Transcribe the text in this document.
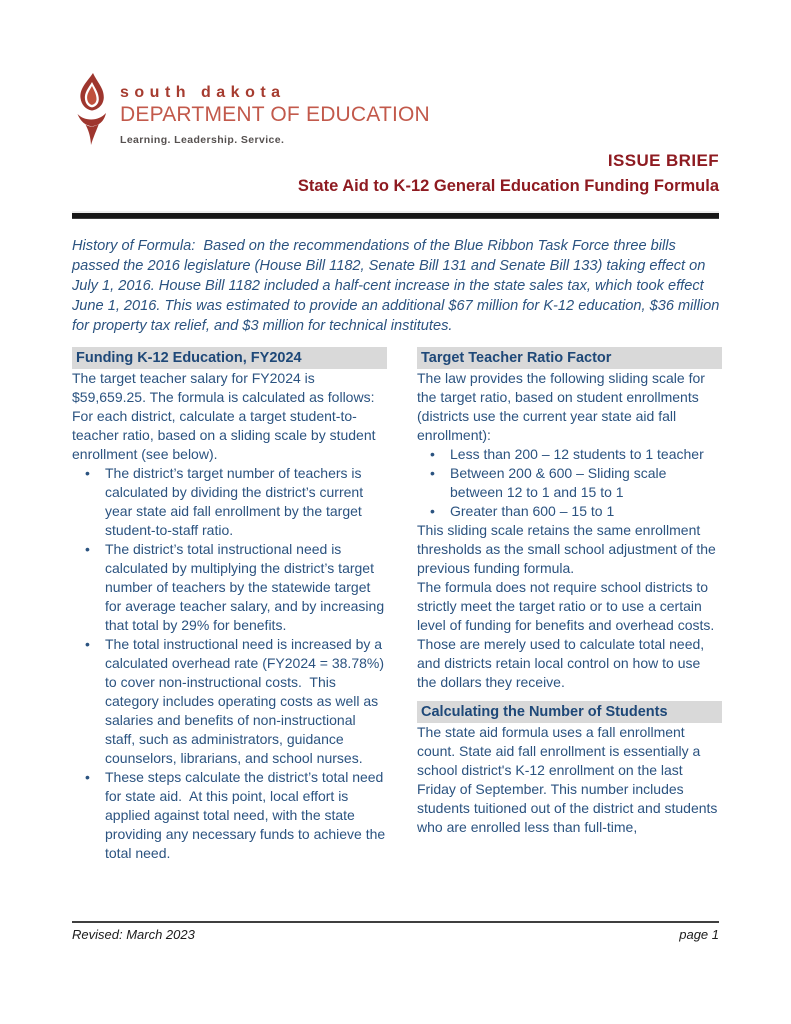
south dakota
DEPARTMENT OF EDUCATION
Learning. Leadership. Service.
ISSUE BRIEF
State Aid to K-12 General Education Funding Formula
History of Formula:  Based on the recommendations of the Blue Ribbon Task Force three bills passed the 2016 legislature (House Bill 1182, Senate Bill 131 and Senate Bill 133) taking effect on July 1, 2016. House Bill 1182 included a half-cent increase in the state sales tax, which took effect June 1, 2016. This was estimated to provide an additional $67 million for K-12 education, $36 million for property tax relief, and $3 million for technical institutes.
Funding K-12 Education, FY2024

The target teacher salary for FY2024 is $59,659.25. The formula is calculated as follows:  For each district, calculate a target student-to-teacher ratio, based on a sliding scale by student enrollment (see below).

• The district’s target number of teachers is calculated by dividing the district’s current year state aid fall enrollment by the target student-to-staff ratio.
• The district’s total instructional need is calculated by multiplying the district’s target number of teachers by the statewide target for average teacher salary, and by increasing that total by 29% for benefits.
• The total instructional need is increased by a calculated overhead rate (FY2024 = 38.78%) to cover non-instructional costs.  This category includes operating costs as well as salaries and benefits of non-instructional staff, such as administrators, guidance counselors, librarians, and school nurses.
• These steps calculate the district’s total need for state aid.  At this point, local effort is applied against total need, with the state providing any necessary funds to achieve the total need.
Target Teacher Ratio Factor

The law provides the following sliding scale for the target ratio, based on student enrollments (districts use the current year state aid fall enrollment):

• Less than 200 – 12 students to 1 teacher
• Between 200 & 600 – Sliding scale between 12 to 1 and 15 to 1
• Greater than 600 – 15 to 1

This sliding scale retains the same enrollment thresholds as the small school adjustment of the previous funding formula.

The formula does not require school districts to strictly meet the target ratio or to use a certain level of funding for benefits and overhead costs. Those are merely used to calculate total need, and districts retain local control on how to use the dollars they receive.

Calculating the Number of Students

The state aid formula uses a fall enrollment count. State aid fall enrollment is essentially a school district's K-12 enrollment on the last Friday of September. This number includes students tuitioned out of the district and students who are enrolled less than full-time,

Revised: March 2023	page 1
